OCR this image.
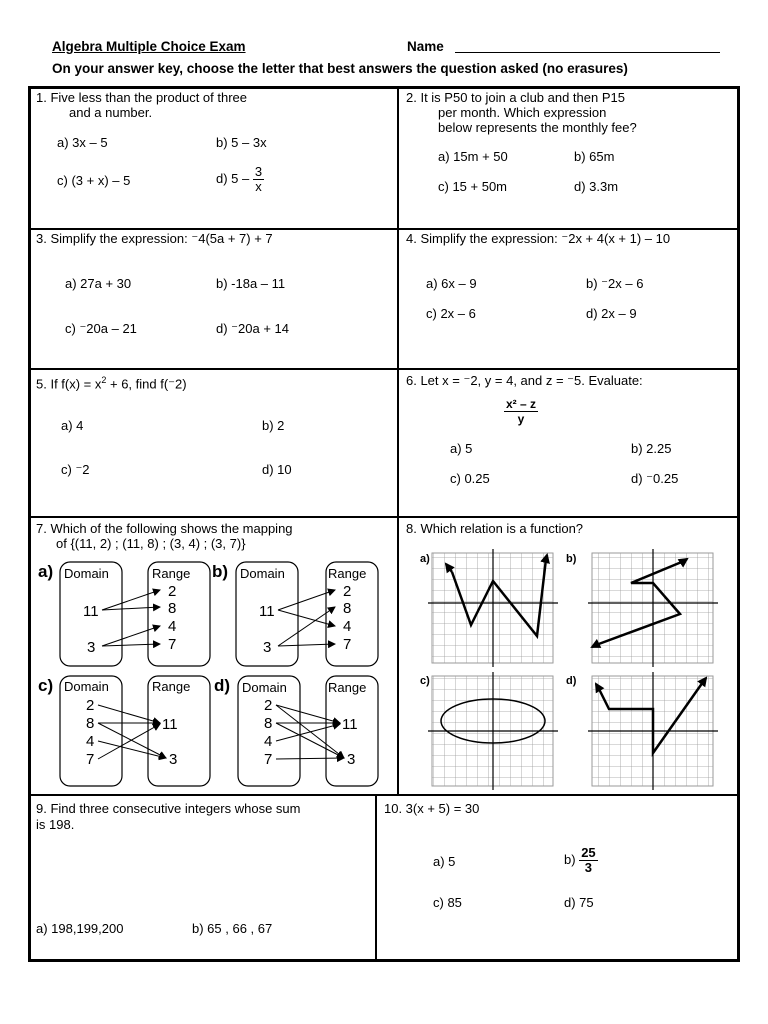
Algebra Multiple Choice Exam	Name
On your answer key, choose the letter that best answers the question asked (no erasures)
1. Five less than the product of three
and a number.
a) 3x – 5	b) 5 – 3x
c) (3 + x) – 5	d) $5 - \frac{3}{x}$
2. It is P50 to join a club and then P15
per month. Which expression
below represents the monthly fee?
a) 15m + 50	b) 65m
c) 15 + 50m	d) 3.3m
3. Simplify the expression: ⁻4(5a + 7) + 7
a) 27a + 30	b) -18a – 11
c) ⁻20a – 21	d) ⁻20a + 14
4. Simplify the expression: ⁻2x + 4(x + 1) – 10
a) 6x – 9	b) ⁻2x – 6
c) 2x – 6	d) 2x – 9
5. If $f(x) = x^2 + 6$, find f(⁻2)
a) 4	b) 2
c) ⁻2	d) 10
6. Let x = ⁻2, y = 4, and z = ⁻5. Evaluate:
$\frac{\text{x² – z}}{y}$
a) 5	b) 2.25
c) 0.25	d) ⁻0.25
7. Which of the following shows the mapping
of {(11, 2) ; (11, 8) ; (3, 4) ; (3, 7)}
a) Domain	Range
11
3
2
8
4
7
b) Domain	Range
11
3
2
8
4
7
c) Domain	Range
2
8
4
7
11
3
d) Domain	Range
2
8
4
7
11
3
8. Which relation is a function?
a)	b)
c)	d)
9. Find three consecutive integers whose sum
is 198.
a) 198,199,200	b) 65 , 66 , 67
10. 3(x + 5) = 30
a) 5	$b) \frac{25}{3}$
c) 85	d) 75
